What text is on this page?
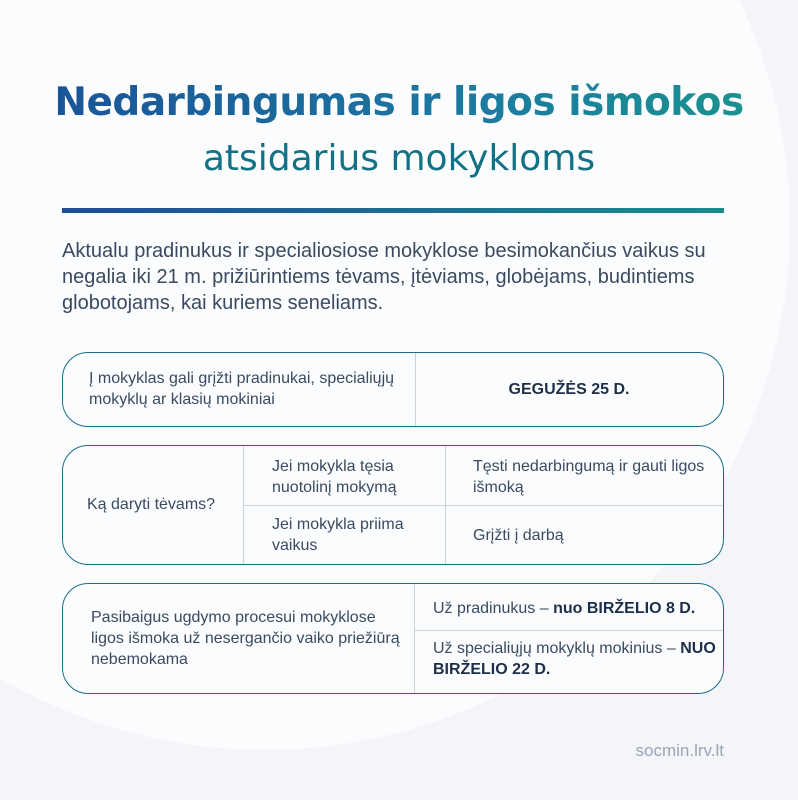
Nedarbingumas ir ligos išmokos
atsidarius mokykloms
Aktualu pradinukus ir specialiosiose mokyklose besimokančius vaikus su negalia iki 21 m. prižiūrintiems tėvams, įtėviams, globėjams, budintiems globotojams, kai kuriems seneliams.
Į mokyklas gali grįžti pradinukai, specialiųjų mokyklų ar klasių mokiniai
GEGUŽĖS 25 D.
Ką daryti tėvams?
Jei mokykla tęsia nuotolinį mokymą
Tęsti nedarbingumą ir gauti ligos išmoką
Jei mokykla priima vaikus
Grįžti į darbą
Pasibaigus ugdymo procesui mokyklose ligos išmoka už nesergančio vaiko priežiūrą nebemokama
Už pradinukus – nuo BIRŽELIO 8 D.
Už specialiųjų mokyklų mokinius – NUO BIRŽELIO 22 D.
socmin.lrv.lt
